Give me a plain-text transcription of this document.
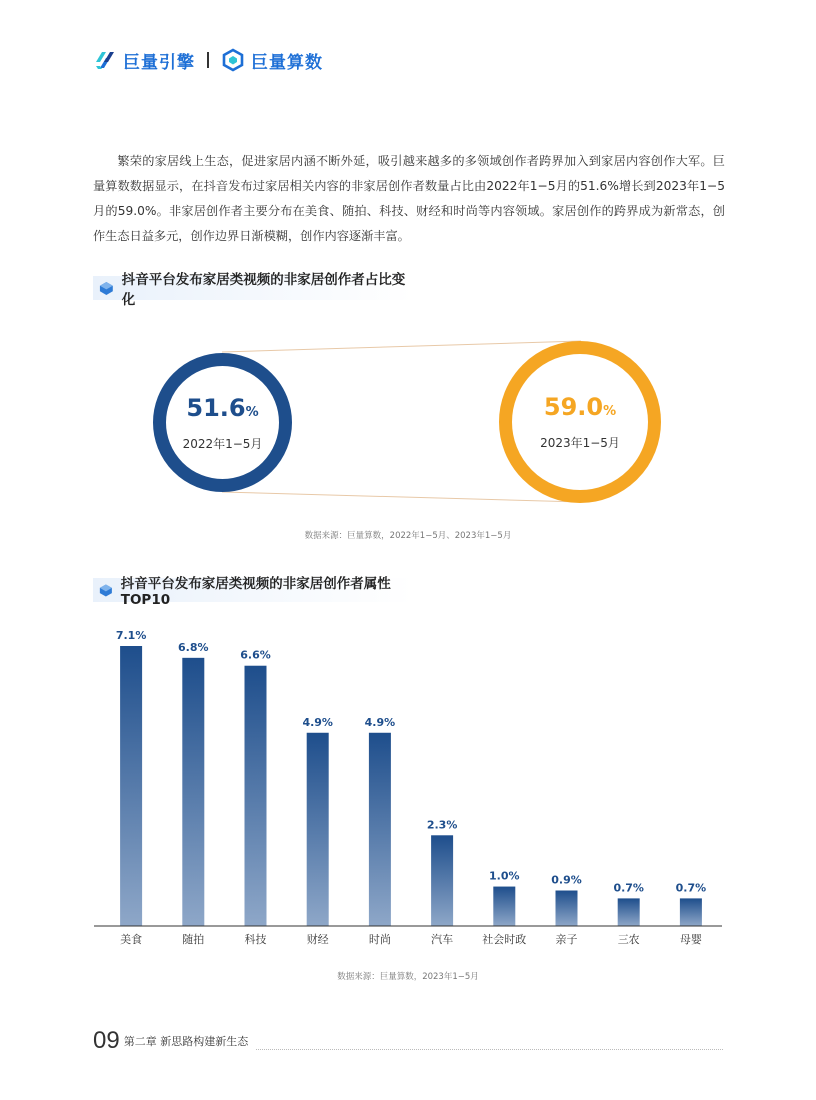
巨量引擎	巨量算数

繁荣的家居线上生态，促进家居内涵不断外延，吸引越来越多的多领域创作者跨界加入到家居内容创作大军。巨量算数数据显示，在抖音发布过家居相关内容的非家居创作者数量占比由2022年1−5月的51.6%增长到2023年1−5月的59.0%。非家居创作者主要分布在美食、随拍、科技、财经和时尚等内容领域。家居创作的跨界成为新常态，创作生态日益多元，创作边界日渐模糊，创作内容逐渐丰富。

抖音平台发布家居类视频的非家居创作者占比变化
51.6%
2022年1−5月
59.0%
2023年1−5月
数据来源：巨量算数，2022年1−5月、2023年1−5月
抖音平台发布家居类视频的非家居创作者属性TOP10
7.1%
美食
6.8%
随拍
6.6%
科技
4.9%
财经
4.9%
时尚
2.3%
汽车
1.0%
社会时政
0.9%
亲子
0.7%
三农
0.7%
母婴
数据来源：巨量算数，2023年1−5月
09 第二章 新思路构建新生态
